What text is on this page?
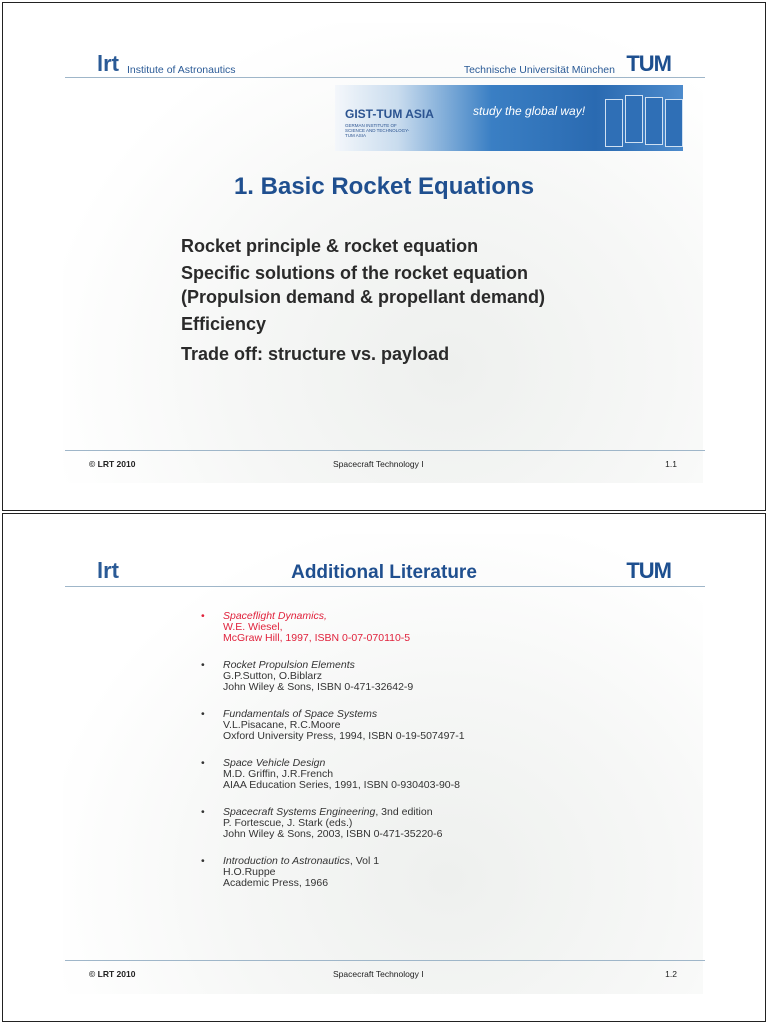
lrt Institute of Astronautics	Technische Universität München TUM
GIST-TUM ASIA
GERMAN INSTITUTE OF SCIENCE AND TECHNOLOGY-TUM ASIA
study the global way!
1. Basic Rocket Equations
Rocket principle & rocket equation
Specific solutions of the rocket equation
(Propulsion demand & propellant demand)
Efficiency
Trade off: structure vs. payload
© LRT 2010	Spacecraft Technology I	1.1
lrt	Additional Literature	TUM
• Spaceflight Dynamics,
W.E. Wiesel,
McGraw Hill, 1997, ISBN 0-07-070110-5
• Rocket Propulsion Elements
G.P.Sutton, O.Biblarz
John Wiley & Sons, ISBN 0-471-32642-9
• Fundamentals of Space Systems
V.L.Pisacane, R.C.Moore
Oxford University Press, 1994, ISBN 0-19-507497-1
• Space Vehicle Design
M.D. Griffin, J.R.French
AIAA Education Series, 1991, ISBN 0-930403-90-8
• Spacecraft Systems Engineering, 3nd edition
P. Fortescue, J. Stark (eds.)
John Wiley & Sons, 2003, ISBN 0-471-35220-6
• Introduction to Astronautics, Vol 1
H.O.Ruppe
Academic Press, 1966
© LRT 2010	Spacecraft Technology I	1.2
